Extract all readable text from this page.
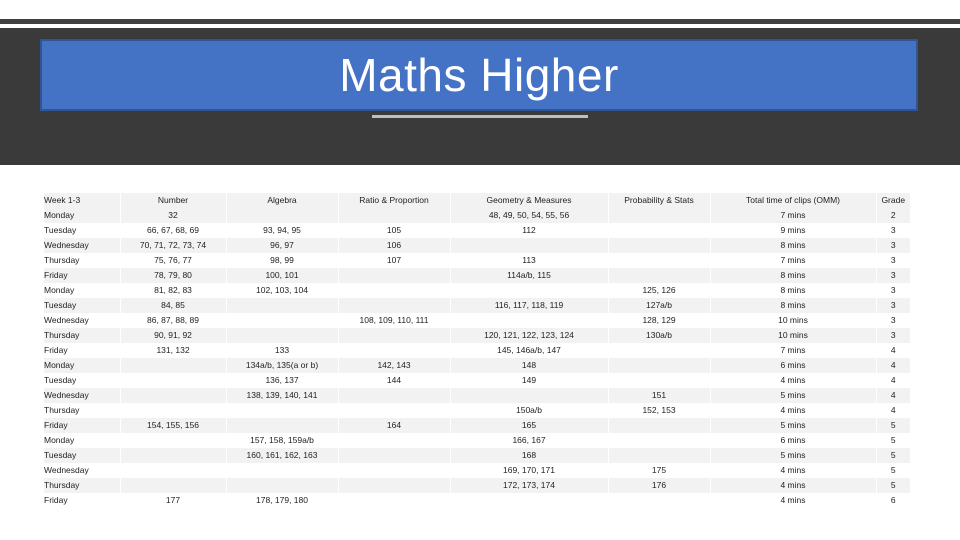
Maths Higher
Week 1-3	Number	Algebra	Ratio & Proportion	Geometry & Measures	Probability & Stats	Total time of clips (OMM)	Grade
Monday	32			48, 49, 50, 54, 55, 56		7 mins	2
Tuesday	66, 67, 68, 69	93, 94, 95	105	112		9 mins	3
Wednesday	70, 71, 72, 73, 74	96, 97	106			8 mins	3
Thursday	75, 76, 77	98, 99	107	113		7 mins	3
Friday	78, 79, 80	100, 101		114a/b, 115		8 mins	3
Monday	81, 82, 83	102, 103, 104			125, 126	8 mins	3
Tuesday	84, 85			116, 117, 118, 119	127a/b	8 mins	3
Wednesday	86, 87, 88, 89		108, 109, 110, 111		128, 129	10 mins	3
Thursday	90, 91, 92			120, 121, 122, 123, 124	130a/b	10 mins	3
Friday	131, 132	133		145, 146a/b, 147		7 mins	4
Monday		134a/b, 135(a or b)	142, 143	148		6 mins	4
Tuesday		136, 137	144	149		4 mins	4
Wednesday		138, 139, 140, 141			151	5 mins	4
Thursday				150a/b	152, 153	4 mins	4
Friday	154, 155, 156		164	165		5 mins	5
Monday		157, 158, 159a/b		166, 167		6 mins	5
Tuesday		160, 161, 162, 163		168		5 mins	5
Wednesday				169, 170, 171	175	4 mins	5
Thursday				172, 173, 174	176	4 mins	5
Friday	177	178, 179, 180				4 mins	6
